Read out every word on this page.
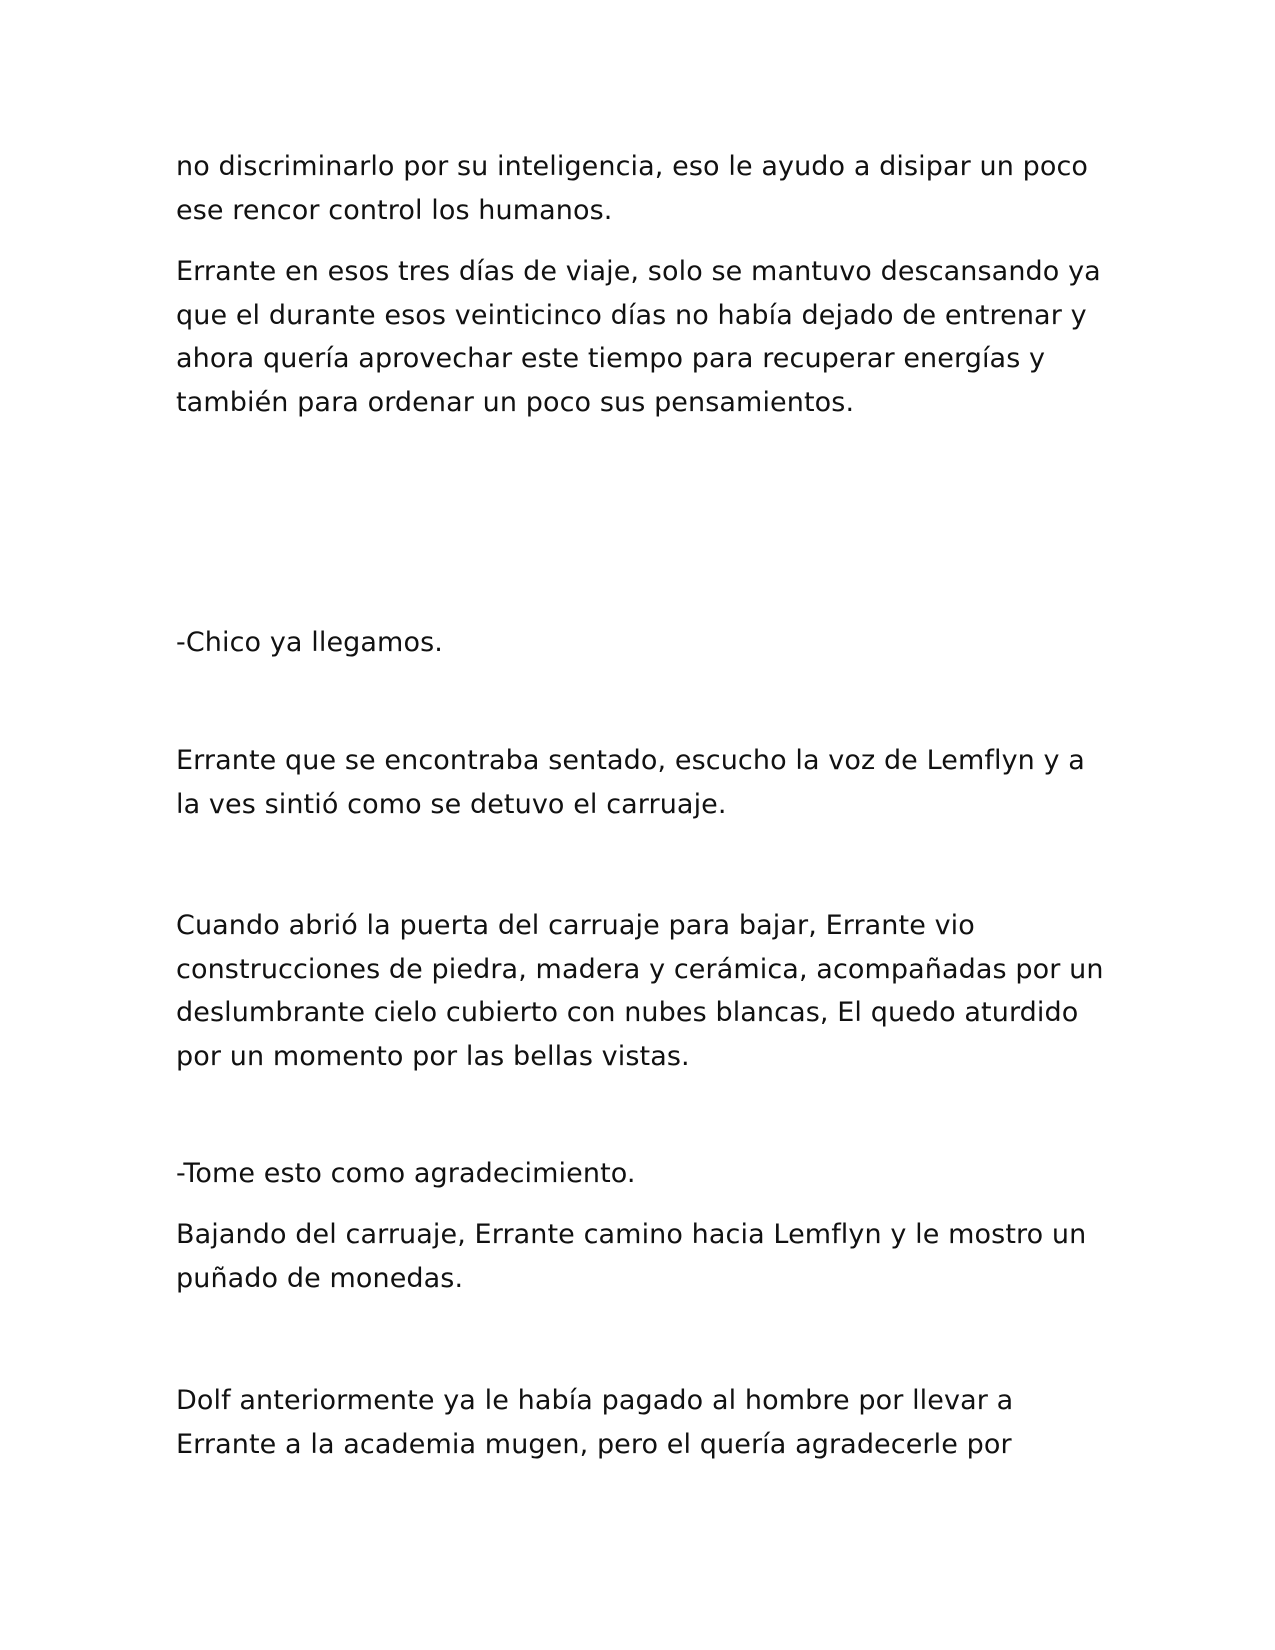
no discriminarlo por su inteligencia, eso le ayudo a disipar un poco
ese rencor control los humanos.

Errante en esos tres días de viaje, solo se mantuvo descansando ya
que el durante esos veinticinco días no había dejado de entrenar y
ahora quería aprovechar este tiempo para recuperar energías y
también para ordenar un poco sus pensamientos.

-Chico ya llegamos.

Errante que se encontraba sentado, escucho la voz de Lemflyn y a
la ves sintió como se detuvo el carruaje.

Cuando abrió la puerta del carruaje para bajar, Errante vio
construcciones de piedra, madera y cerámica, acompañadas por un
deslumbrante cielo cubierto con nubes blancas, El quedo aturdido
por un momento por las bellas vistas.

-Tome esto como agradecimiento.

Bajando del carruaje, Errante camino hacia Lemflyn y le mostro un
puñado de monedas.

Dolf anteriormente ya le había pagado al hombre por llevar a
Errante a la academia mugen, pero el quería agradecerle por
